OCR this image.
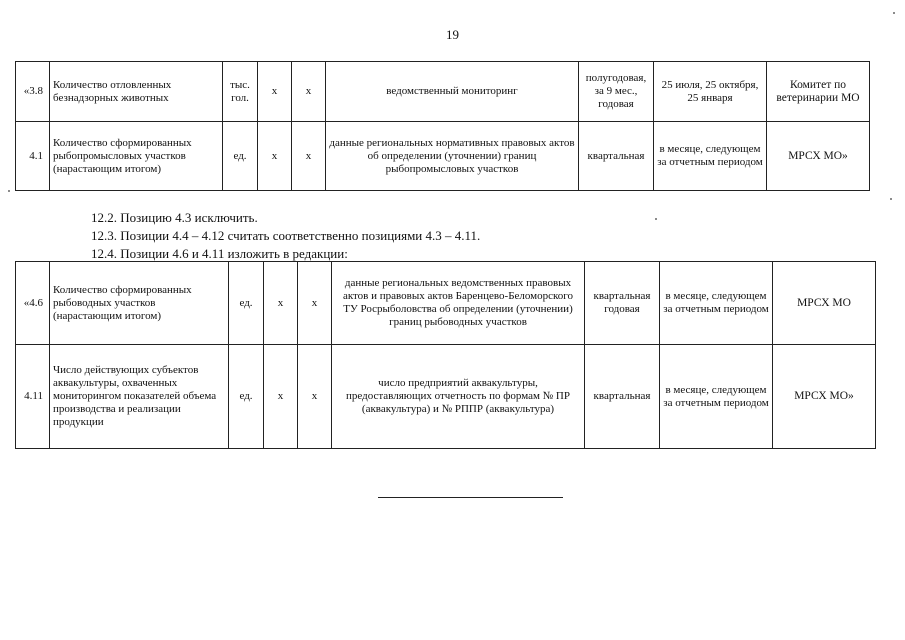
19
«3.8	Количество отловленных безнадзорных животных	тыс. гол.	x	x	ведомственный мониторинг	полугодовая, за 9 мес., годовая	25 июля, 25 октября, 25 января	Комитет по ветеринарии МО
4.1	Количество сформированных рыбопромысловых участков (нарастающим итогом)	ед.	x	x	данные региональных нормативных правовых актов об определении (уточнении) границ рыбопромысловых участков	квартальная	в месяце, следующем за отчетным периодом	МРСХ МО»
12.2. Позицию 4.3 исключить.
12.3. Позиции 4.4 – 4.12 считать соответственно позициями 4.3 – 4.11.
12.4. Позиции 4.6 и 4.11 изложить в редакции:
«4.6	Количество сформированных рыбоводных участков (нарастающим итогом)	ед.	x	x	данные региональных ведомственных правовых актов и правовых актов Баренцево-Беломорского ТУ Росрыболовства об определении (уточнении) границ рыбоводных участков	квартальная годовая	в месяце, следующем за отчетным периодом	МРСХ МО
4.11	Число действующих субъектов аквакультуры, охваченных мониторингом показателей объема производства и реализации продукции	ед.	x	x	число предприятий аквакультуры, предоставляющих отчетность по формам № ПР (аквакультура) и № РППР (аквакультура)	квартальная	в месяце, следующем за отчетным периодом	МРСХ МО»
